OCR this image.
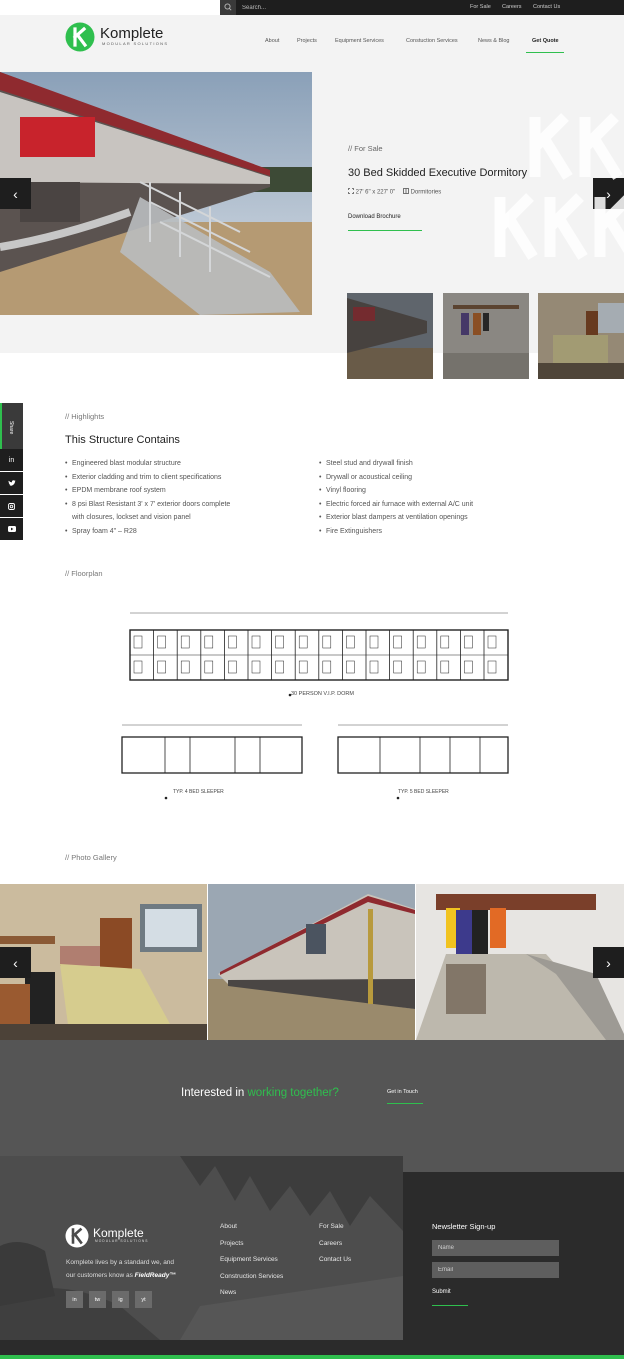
Search...
For Sale Careers Contact Us
Komplete
MODULAR SOLUTIONS	About	Projects	Equipment Services	Constuction Services	News & Blog	Get Quote
‹	›
// For Sale
30 Bed Skidded Executive Dormitory
27' 6" x 227' 0"	Dormitories
Download Brochure
Share
in
// Highlights
This Structure Contains
• Engineered blast modular structure
• Exterior cladding and trim to client specifications
• EPDM membrane roof system
• 8 psi Blast Resistant 3' x 7' exterior doors complete
with closures, lockset and vision panel
• Spray foam 4" – R28
• Steel stud and drywall finish
• Drywall or acoustical ceiling
• Vinyl flooring
• Electric forced air furnace with external A/C unit
• Exterior blast dampers at ventilation openings
• Fire Extinguishers
// Floorplan
30 PERSON V.I.P. DORM
TYP. 4 BED SLEEPER	TYP. 5 BED SLEEPER
// Photo Gallery
‹	›
Interested in working together?	Get in Touch
Komplete
MODULAR SOLUTIONS
Komplete lives by a standard we, and
our customers know as FieldReady™
in	tw	ig	yt
About
Projects
Equipment Services
Construction Services
News
For Sale
Careers
Contact Us
Newsletter Sign-up
Name
Email
Submit
